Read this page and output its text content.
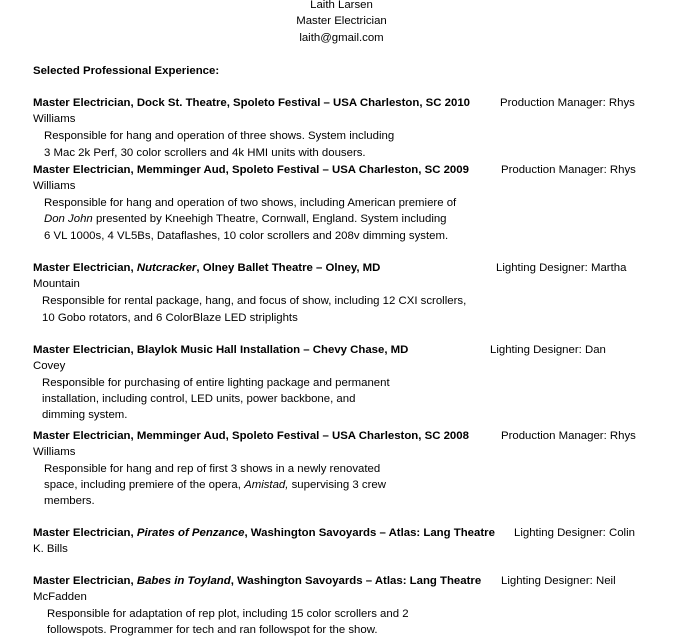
Laith Larsen
Master Electrician
laith@gmail.com
Selected Professional Experience:
Master Electrician, Dock St. Theatre, Spoleto Festival – USA Charleston, SC 2010	Production Manager: Rhys
Williams
Responsible for hang and operation of three shows. System including
3 Mac 2k Perf, 30 color scrollers and 4k HMI units with dousers.
Master Electrician, Memminger Aud, Spoleto Festival – USA Charleston, SC 2009	Production Manager: Rhys
Williams
Responsible for hang and operation of two shows, including American premiere of
Don John presented by Kneehigh Theatre, Cornwall, England. System including
6 VL 1000s, 4 VL5Bs, Dataflashes, 10 color scrollers and 208v dimming system.
Master Electrician, Nutcracker, Olney Ballet Theatre – Olney, MD	Lighting Designer: Martha
Mountain
Responsible for rental package, hang, and focus of show, including 12 CXI scrollers,
10 Gobo rotators, and 6 ColorBlaze LED striplights
Master Electrician, Blaylok Music Hall Installation – Chevy Chase, MD	Lighting Designer: Dan
Covey
Responsible for purchasing of entire lighting package and permanent
installation, including control, LED units, power backbone, and
dimming system.
Master Electrician, Memminger Aud, Spoleto Festival – USA Charleston, SC 2008	Production Manager: Rhys
Williams
Responsible for hang and rep of first 3 shows in a newly renovated
space, including premiere of the opera, Amistad, supervising 3 crew
members.
Master Electrician, Pirates of Penzance, Washington Savoyards – Atlas: Lang Theatre Lighting Designer: Colin
K. Bills
Master Electrician, Babes in Toyland, Washington Savoyards – Atlas: Lang Theatre Lighting Designer: Neil
McFadden
Responsible for adaptation of rep plot, including 15 color scrollers and 2
followspots. Programmer for tech and ran followspot for the show.
